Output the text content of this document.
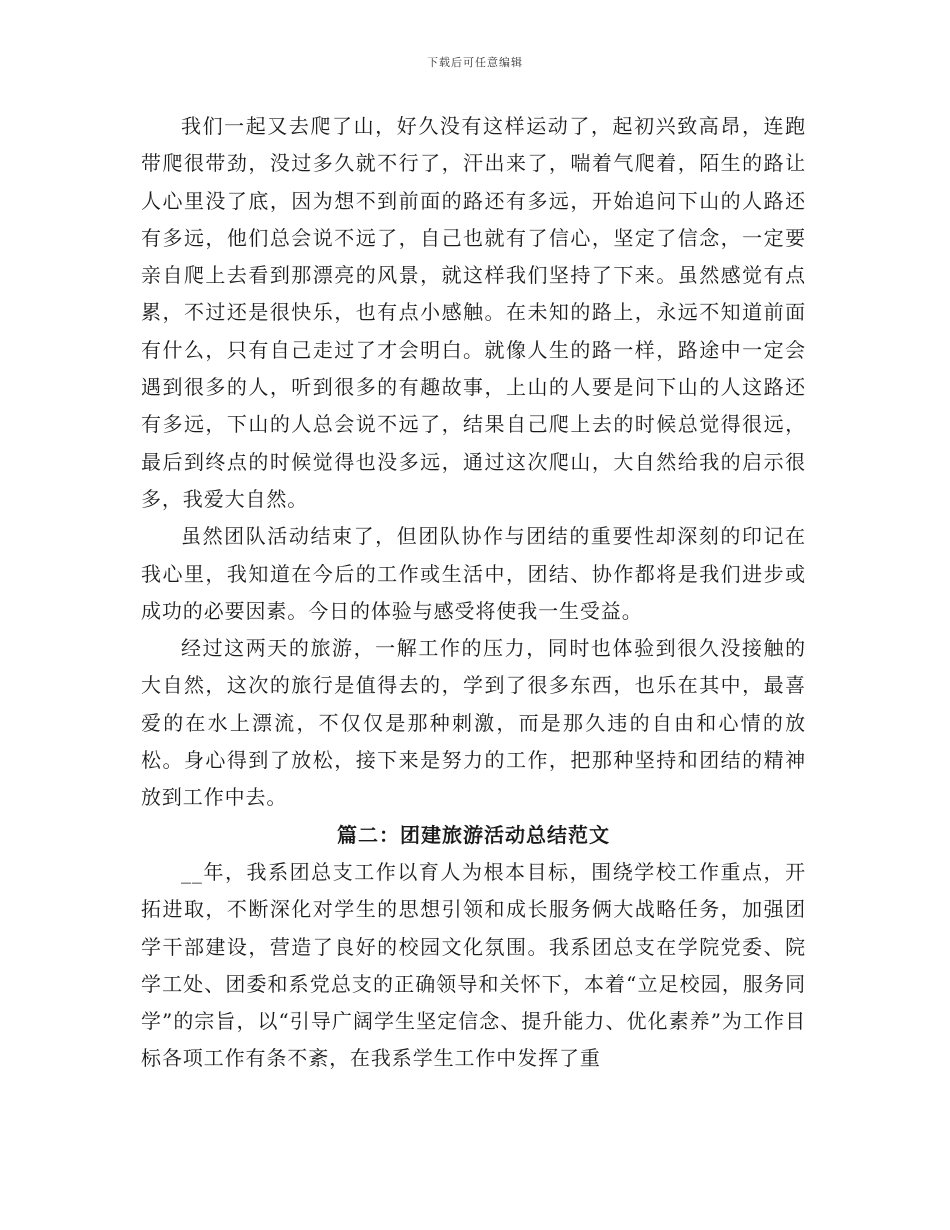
下载后可任意编辑

我们一起又去爬了山，好久没有这样运动了，起初兴致高昂，连跑带爬很带劲，没过多久就不行了，汗出来了，喘着气爬着，陌生的路让人心里没了底，因为想不到前面的路还有多远，开始追问下山的人路还有多远，他们总会说不远了，自己也就有了信心，坚定了信念，一定要亲自爬上去看到那漂亮的风景，就这样我们坚持了下来。虽然感觉有点累，不过还是很快乐，也有点小感触。在未知的路上，永远不知道前面有什么，只有自己走过了才会明白。就像人生的路一样，路途中一定会遇到很多的人，听到很多的有趣故事，上山的人要是问下山的人这路还有多远，下山的人总会说不远了，结果自己爬上去的时候总觉得很远，最后到终点的时候觉得也没多远，通过这次爬山，大自然给我的启示很多，我爱大自然。

虽然团队活动结束了，但团队协作与团结的重要性却深刻的印记在我心里，我知道在今后的工作或生活中，团结、协作都将是我们进步或成功的必要因素。今日的体验与感受将使我一生受益。

经过这两天的旅游，一解工作的压力，同时也体验到很久没接触的大自然，这次的旅行是值得去的，学到了很多东西，也乐在其中，最喜爱的在水上漂流，不仅仅是那种刺激，而是那久违的自由和心情的放松。身心得到了放松，接下来是努力的工作，把那种坚持和团结的精神放到工作中去。

篇二：团建旅游活动总结范文

__年，我系团总支工作以育人为根本目标，围绕学校工作重点，开拓进取，不断深化对学生的思想引领和成长服务俩大战略任务，加强团学干部建设，营造了良好的校园文化氛围。我系团总支在学院党委、院学工处、团委和系党总支的正确领导和关怀下，本着“立足校园，服务同学”的宗旨，以“引导广阔学生坚定信念、提升能力、优化素养”为工作目标各项工作有条不紊，在我系学生工作中发挥了重
